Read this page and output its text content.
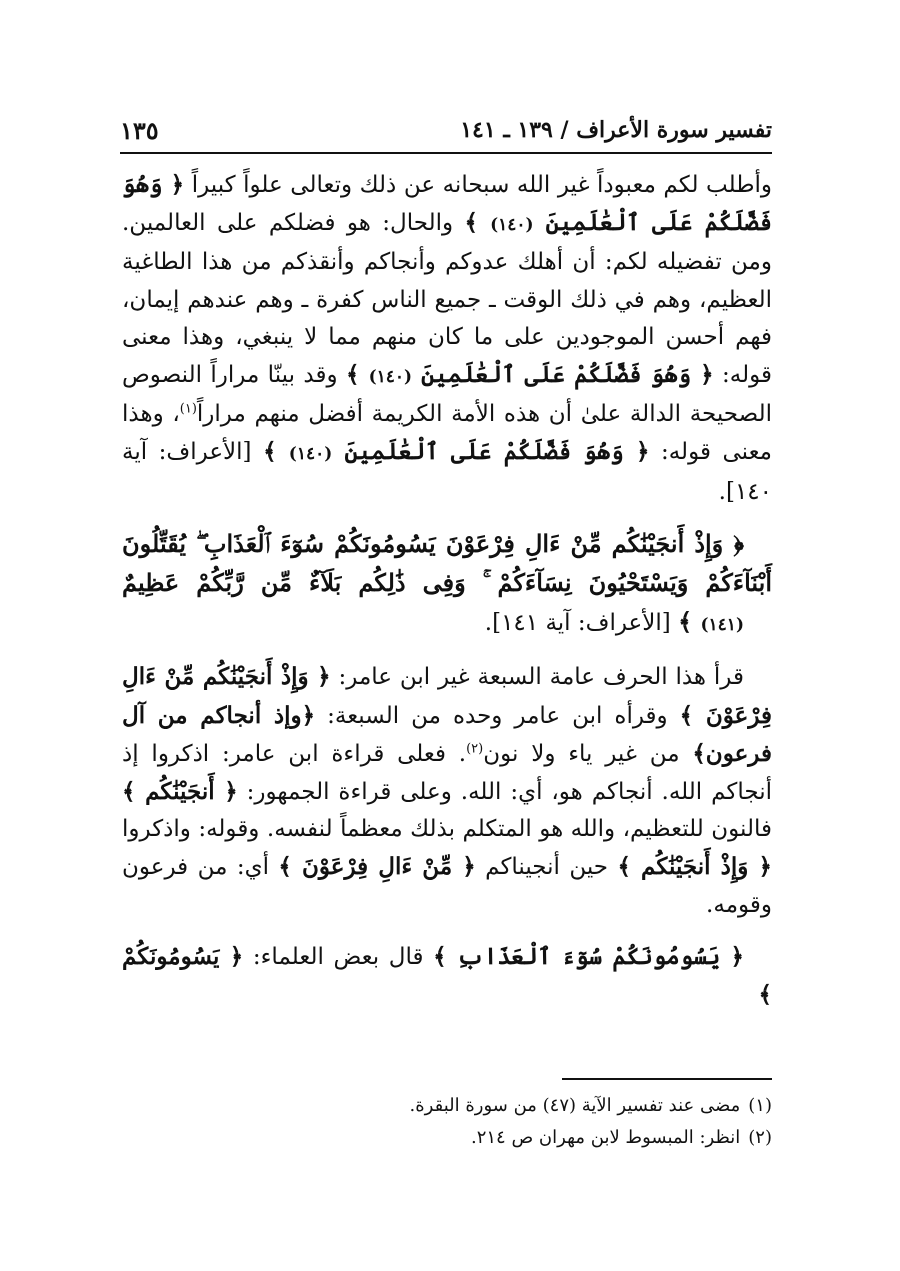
تفسير سورة الأعراف / ١٣٩ ـ ١٤١
١٣٥

وأطلب لكم معبوداً غير الله سبحانه عن ذلك وتعالى علواً كبيراً ﴿ وَهُوَ فَضَّلَكُمْ عَلَى ٱلْعَٰلَمِينَ (١٤٠) ﴾ والحال: هو فضلكم على العالمين. ومن تفضيله لكم: أن أهلك عدوكم وأنجاكم وأنقذكم من هذا الطاغية العظيم، وهم في ذلك الوقت ـ جميع الناس كفرة ـ وهم عندهم إيمان، فهم أحسن الموجودين على ما كان منهم مما لا ينبغي، وهذا معنى قوله: ﴿ وَهُوَ فَضَّلَكُمْ عَلَى ٱلْعَٰلَمِينَ (١٤٠) ﴾ وقد بينّا مراراً النصوص الصحيحة الدالة علىٰ أن هذه الأمة الكريمة أفضل منهم مراراً$^{(١)}$، وهذا معنى قوله: ﴿ وَهُوَ فَضَّلَكُمْ عَلَى ٱلْعَٰلَمِينَ (١٤٠) ﴾ [الأعراف: آية ١٤٠].

﴿ وَإِذْ أَنجَيْنَٰكُم مِّنْ ءَالِ فِرْعَوْنَ يَسُومُونَكُمْ سُوٓءَ ٱلْعَذَابِ ۖ يُقَتِّلُونَ أَبْنَآءَكُمْ وَيَسْتَحْيُونَ نِسَآءَكُمْ ۚ وَفِى ذَٰلِكُم بَلَآءٌ مِّن رَّبِّكُمْ عَظِيمٌ (١٤١) ﴾ [الأعراف: آية ١٤١].

قرأ هذا الحرف عامة السبعة غير ابن عامر: ﴿ وَإِذْ أَنجَيْنَٰكُم مِّنْ ءَالِ فِرْعَوْنَ ﴾ وقرأه ابن عامر وحده من السبعة: ﴿وإذ أنجاكم من آل فرعون﴾ من غير ياء ولا نون$^{(٢)}$. فعلى قراءة ابن عامر: اذكروا إذ أنجاكم الله. أنجاكم هو، أي: الله. وعلى قراءة الجمهور: ﴿ أَنجَيْنَٰكُم ﴾ فالنون للتعظيم، والله هو المتكلم بذلك معظماً لنفسه. وقوله: واذكروا ﴿ وَإِذْ أَنجَيْنَٰكُم ﴾ حين أنجيناكم ﴿ مِّنْ ءَالِ فِرْعَوْنَ ﴾ أي: من فرعون وقومه.

﴿ يَسُومُونَكُمْ سُوٓءَ ٱلْعَذَابِ ﴾ قال بعض العلماء: ﴿ يَسُومُونَكُمْ ﴾

(١)مضى عند تفسير الآية (٤٧) من سورة البقرة.

(٢)انظر: المبسوط لابن مهران ص ٢١٤.
